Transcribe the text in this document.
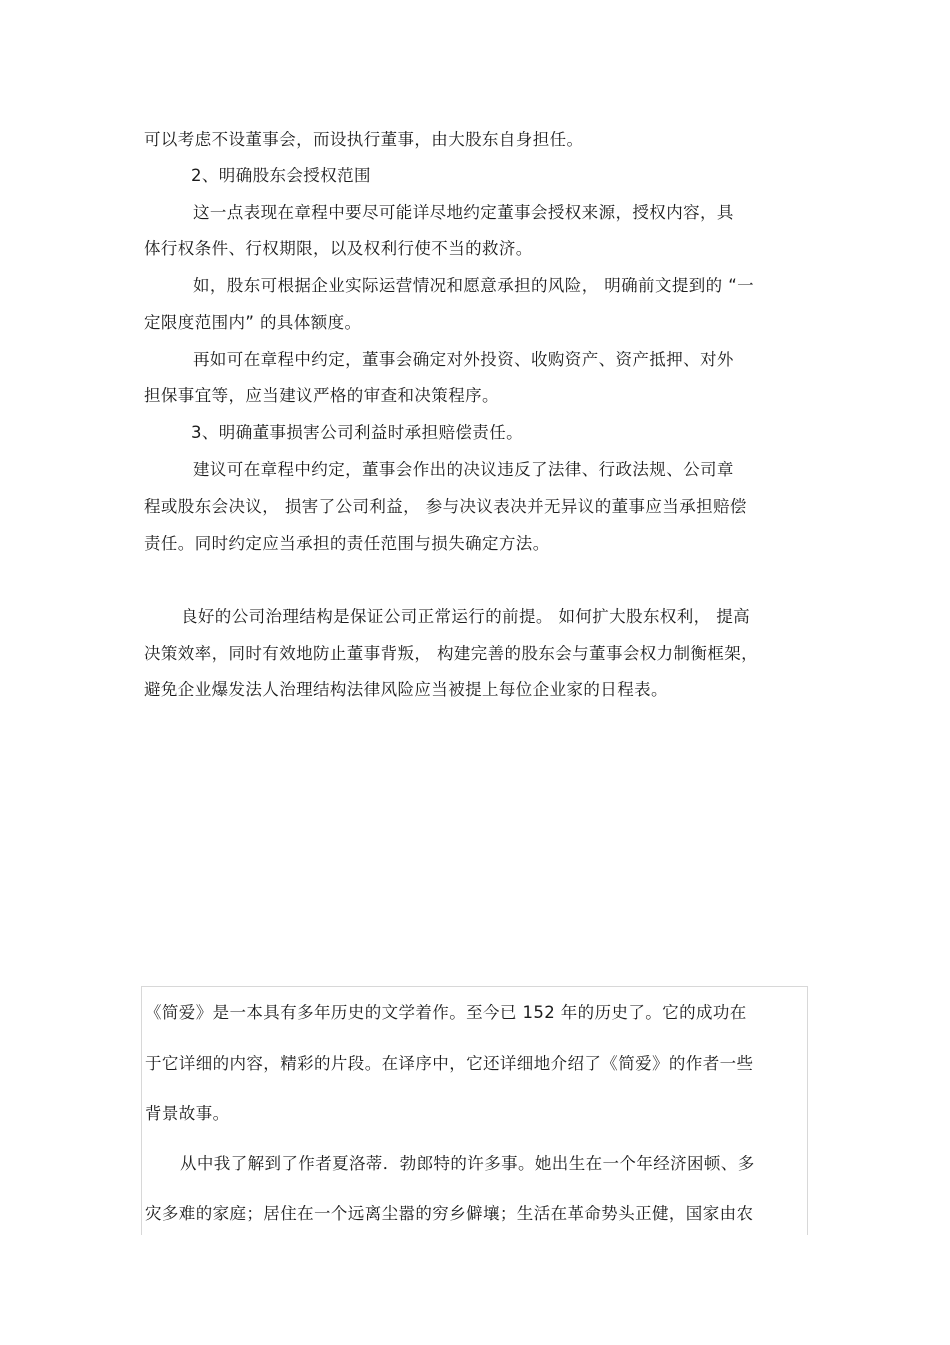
可以考虑不设董事会，而设执行董事，由大股东自身担任。

2、明确股东会授权范围

这一点表现在章程中要尽可能详尽地约定董事会授权来源，授权内容，具

体行权条件、行权期限，以及权利行使不当的救济。

如，股东可根据企业实际运营情况和愿意承担的风险， 明确前文提到的 “一

定限度范围内” 的具体额度。

再如可在章程中约定，董事会确定对外投资、收购资产、资产抵押、对外

担保事宜等，应当建议严格的审查和决策程序。

3、明确董事损害公司利益时承担赔偿责任。

建议可在章程中约定，董事会作出的决议违反了法律、行政法规、公司章

程或股东会决议， 损害了公司利益， 参与决议表决并无异议的董事应当承担赔偿

责任。同时约定应当承担的责任范围与损失确定方法。

良好的公司治理结构是保证公司正常运行的前提。 如何扩大股东权利， 提高

决策效率，同时有效地防止董事背叛， 构建完善的股东会与董事会权力制衡框架，

避免企业爆发法人治理结构法律风险应当被提上每位企业家的日程表。

《简爱》是一本具有多年历史的文学着作。至今已 152 年的历史了。它的成功在

于它详细的内容，精彩的片段。在译序中，它还详细地介绍了《简爱》的作者一些

背景故事。

从中我了解到了作者夏洛蒂．勃郎特的许多事。她出生在一个年经济困顿、多

灾多难的家庭；居住在一个远离尘嚣的穷乡僻壤；生活在革命势头正健，国家由农
